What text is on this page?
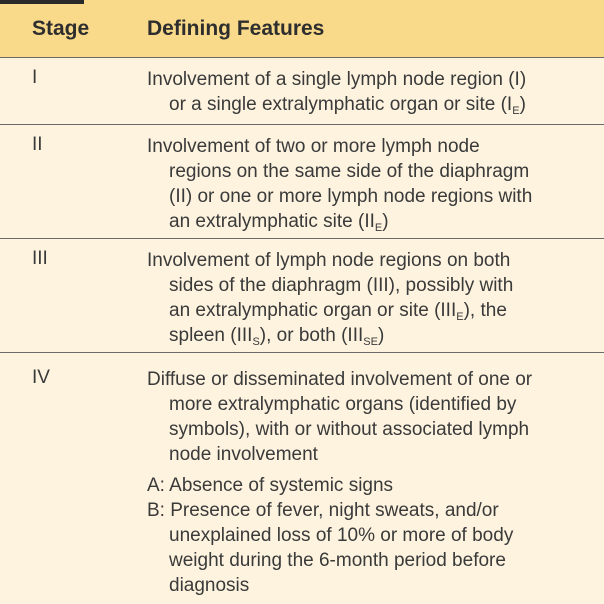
Stage	Defining Features
I	Involvement of a single lymph node region (I)
or a single extralymphatic organ or site $(I_E)$
II	Involvement of two or more lymph node
regions on the same side of the diaphragm
(II) or one or more lymph node regions with
an extralymphatic site $(II_E)$
III	Involvement of lymph node regions on both
sides of the diaphragm (III), possibly with
an extralymphatic organ or site $(III_E)$, the
spleen $(III_S)$, or both $(III_{SE})$
IV	Diffuse or disseminated involvement of one or
more extralymphatic organs (identified by
symbols), with or without associated lymph
node involvement
A: Absence of systemic signs
B: Presence of fever, night sweats, and/or
unexplained loss of 10% or more of body
weight during the 6-month period before
diagnosis
